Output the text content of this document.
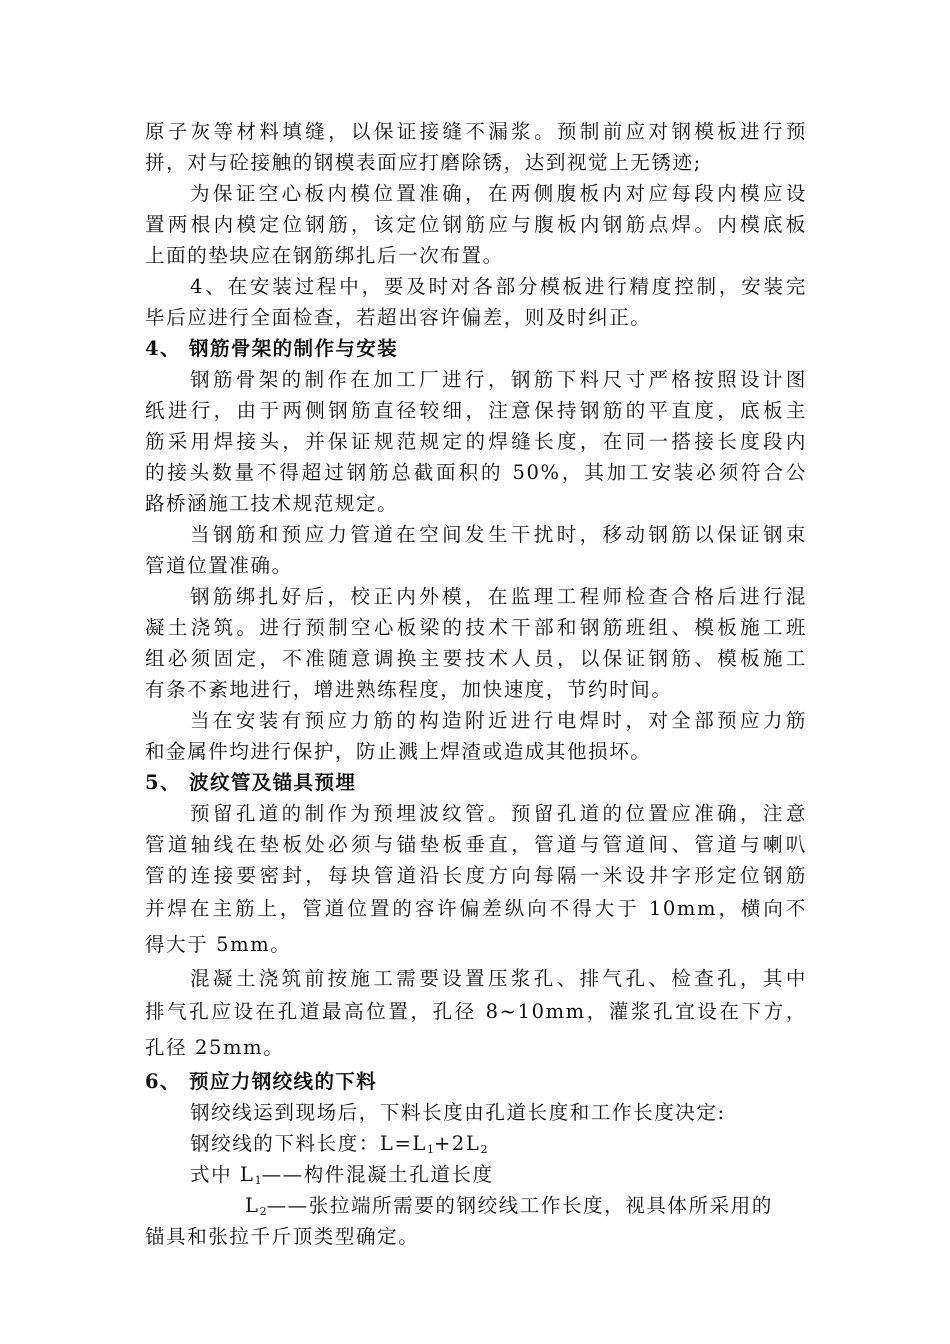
原子灰等材料填缝，以保证接缝不漏浆。预制前应对钢模板进行预
拼，对与砼接触的钢模表面应打磨除锈，达到视觉上无锈迹;
为保证空心板内模位置准确，在两侧腹板内对应每段内模应设
置两根内模定位钢筋，该定位钢筋应与腹板内钢筋点焊。内模底板
上面的垫块应在钢筋绑扎后一次布置。
4、在安装过程中，要及时对各部分模板进行精度控制，安装完
毕后应进行全面检查，若超出容许偏差，则及时纠正。
4、 钢筋骨架的制作与安装
钢筋骨架的制作在加工厂进行，钢筋下料尺寸严格按照设计图
纸进行，由于两侧钢筋直径较细，注意保持钢筋的平直度，底板主
筋采用焊接头，并保证规范规定的焊缝长度，在同一搭接长度段内
的接头数量不得超过钢筋总截面积的 50%，其加工安装必须符合公
路桥涵施工技术规范规定。
当钢筋和预应力管道在空间发生干扰时，移动钢筋以保证钢束
管道位置准确。
钢筋绑扎好后，校正内外模，在监理工程师检查合格后进行混
凝土浇筑。进行预制空心板梁的技术干部和钢筋班组、模板施工班
组必须固定，不准随意调换主要技术人员，以保证钢筋、模板施工
有条不紊地进行，增进熟练程度，加快速度，节约时间。
当在安装有预应力筋的构造附近进行电焊时，对全部预应力筋
和金属件均进行保护，防止溅上焊渣或造成其他损坏。
5、 波纹管及锚具预埋
预留孔道的制作为预埋波纹管。预留孔道的位置应准确，注意
管道轴线在垫板处必须与锚垫板垂直，管道与管道间、管道与喇叭
管的连接要密封，每块管道沿长度方向每隔一米设井字形定位钢筋
并焊在主筋上，管道位置的容许偏差纵向不得大于 10mm，横向不
得大于 5mm。
混凝土浇筑前按施工需要设置压浆孔、排气孔、检查孔，其中
排气孔应设在孔道最高位置，孔径 8~10mm，灌浆孔宜设在下方，
孔径 25mm。
6、 预应力钢绞线的下料
钢绞线运到现场后，下料长度由孔道长度和工作长度决定:
钢绞线的下料长度：$L=L_1+2L_2$
式中 $L_1——$构件混凝土孔道长度
$L_2——$张拉端所需要的钢绞线工作长度，视具体所采用的
锚具和张拉千斤顶类型确定。
